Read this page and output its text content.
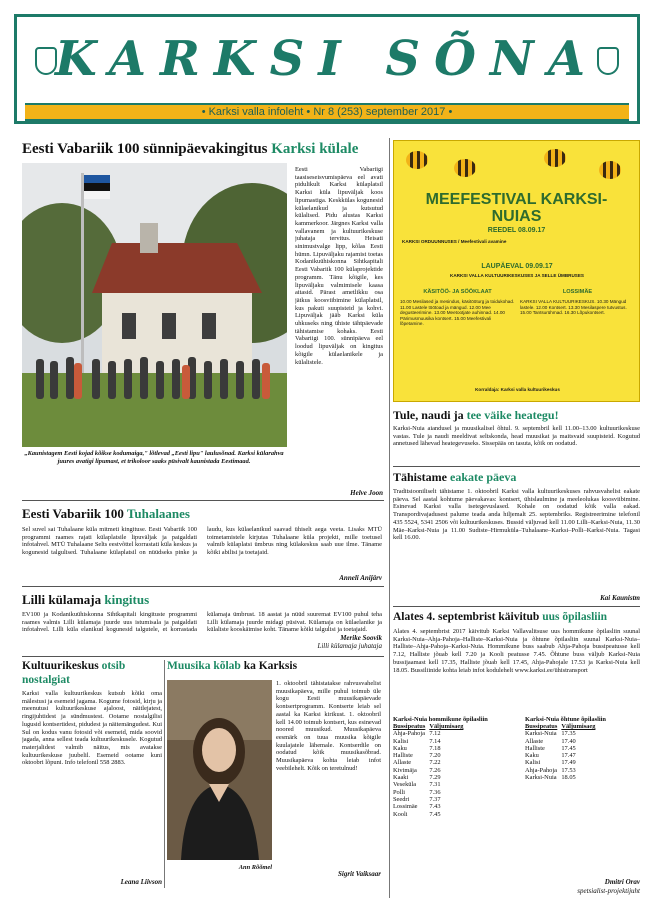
KARKSI SÕNA
• Karksi valla infoleht • Nr 8 (253) september 2017 •
Eesti Vabariik 100 sünnipäevakingitus Karksi külale
Eesti Vabariigi taasiseseisvumispäeva eel avati pidulikult Karksi külaplatsil Karksi küla lipuväljak koos lipumastiga. Keskkülas kogunesid külaelanikud ja kutsutud külalised. Pidu alustas Karksi kammerkoor. Järgnes Karksi valla vallavanem ja kultuurikeskuse juhataja tervitus. Heisati sinimustvalge lipp, kõlas Eesti hümn. Lipuväljaku rajamist toetas Kodanikuühiskonna Sihtkapitali Eesti Vabariik 100 külaprojektide programm. Tänu kõigile, kes lipuväljaku valmimisele kaasa aitasid. Pärast ametlikku osa jätkus koosviibimine külaplatsil, kus pakuti suupisteid ja kohvi. Lipuväljak jääb Karksi küla uhkuseks ning ühiste tähtpäevade tähistamise kohaks. Eesti Vabariigi 100. sünnipäeva eel loodud lipuväljak on kingitus kõigile külaelanikele ja külalistele.
„Kaunistagem Eesti kojad kõikse kodumaiga," lõtlevad „Eesti lipu" laulusõnad. Karksi külarahva juures avatigi lipumast, et trikoloor saaks püsivalt kaunistada Eestimaad.
Helve Joon
MEEFESTIVAL KARKSI-NUIAS
REEDEL 08.09.17
KARKSI ORDUUNNUSES / Meefestivali avamine
LAUPÄEVAL 09.09.17
KARKSI VALLA KULTUURIKESKUSES JA SELLE ÜMBRUSES
KÄSITÖÖ- JA SÖÖKLAAT	LOSSIMÄE
10.00 Mesilased ja mesindus, käsitööturg ja toidukohad. 11.00 Lastele töötoad ja mängud. 12.00 Mee degusteerimine. 13.00 Meetootjate auhinnad. 14.00 Pärimusmuusika kontsert. 15.00 Meefestivali lõpetamine.
KARKSI VALLA KULTUURIKESKUS. 10.30 Mängud lastele. 12.00 Kontsert. 13.30 Mesilaspere tutvustus. 15.00 Tantsurühmad. 16.30 Lõpukontsert.
Korraldaja: Karksi valla kultuurikeskus
Eesti Vabariik 100 Tuhalaanes
Sel suvel sai Tuhalaane küla mitmeti kingituse. Eesti Vabariik 100 programmi raames rajati külaplatsile lipuväljak ja paigaldati infotahvel. MTÜ Tuhalaane Selts eestvõttel korrastati küla keskus ja kogunesid talgulised. Tuhalaane külaplatsil on nüüdseks pinke ja laudu, kus külaelanikud saavad ühiselt aega veeta. Lisaks MTÜ toimetamistele kirjutas Tuhalaane küla projekti, mille toetusel valmib külaplatsi ümbrus ning külakeskus saab uue ilme. Täname kõiki abilisi ja toetajaid.
Anneli Anijärv
Lilli külamaja kingitus
EV100 ja Kodanikuühiskonna Sihtkapitali kingituste programmi raames valmis Lilli külamaja juurde uus istumisala ja paigaldati infotahvel. Lilli küla elanikud kogunesid talgutele, et korrastada külamaja ümbrust. 18 aastat ja nüüd suuremat EV100 puhul teha Lilli külamaja juurde midagi püsivat. Külamaja on külaelanike ja külaliste kooskäimise koht. Täname kõiki talgulisi ja toetajaid.
Merike Soovik
Lilli külamaja juhataja
Kultuurikeskus otsib nostalgiat
Karksi valla kultuurikeskus kutsub kõiki oma mälestusi ja esemeid jagama. Kogume fotosid, kirju ja meenutusi kultuurikeskuse ajaloost, näitlejatest, ringijuhtidest ja sündmustest. Ootame nostalgilisi lugusid kontsertidest, pidudest ja näitemängudest. Kui Sul on kodus vanu fotosid või esemeid, mida soovid jagada, anna sellest teada kultuurikeskusele. Kogutud materjalidest valmib näitus, mis avatakse kultuurikeskuse juubelil. Esemeid ootame kuni oktoobri lõpuni. Info telefonil 558 2883.
Leana Liivson
Muusika kõlab ka Karksis
Ann Rõõmel
1. oktoobril tähistatakse rahvusvahelist muusikapäeva, mille puhul toimub üle kogu Eesti muusikapäevade kontsertprogramm. Kontserte leiab sel aastal ka Karksi kirikust. 1. oktoobril kell 14.00 toimub kontsert, kus esinevad noored muusikud. Muusikapäeva eesmärk on tuua muusika kõigile kuulajatele lähemale. Kontserdile on oodatud kõik muusikasõbrad. Muusikapäeva kohta leiab infot veebilehelt. Kõik on teretulnud!
Sigrit Vaiksaar
Tule, naudi ja tee väike heategu!
Karksi-Nuia aiandusel ja muusikalisel õhtul. 9. septembril kell 11.00–13.00 kultuurikeskuse vastas. Tule ja naudi meeldivat seltskonda, head muusikat ja maitsvaid suupisteid. Kogutud annetused lähevad heategevuseks. Sissepääs on tasuta, kõik on oodatud.
Tähistame eakate päeva
Traditsiooniliselt tähistame 1. oktoobril Karksi valla kultuurikeskuses rahvusvahelist eakate päeva. Sel aastal kohtume päevakavas: kontsert, ühislaulmine ja meeleolukas koosviibimine. Esinevad Karksi valla isetegevuslased. Kohale on oodatud kõik valla eakad. Transpordivajadusest palume teada anda hiljemalt 25. septembriks. Registreerimine telefonil 435 5524, 5341 2506 või kultuurikeskuses. Bussid väljuvad kell 11.00 Lilli–Karksi-Nuia, 11.30 Mäe–Karksi-Nuia ja 11.00 Sudiste–Hirmuküla–Tuhalaane–Karksi–Polli–Karksi-Nuia. Tagasi kell 16.00.
Kai Kaunistm
Alates 4. septembrist käivitub uus õpilasliin
Alates 4. septembrist 2017 käivitub Karksi Vallavalitsuse uus hommikune õpilasliin suunal Karksi-Nuia–Ahja-Pahoja–Halliste–Karksi-Nuia ja õhtune õpilasliin suunal Karksi-Nuia–Halliste–Ahja-Pahoja–Karksi-Nuia. Hommikune buss saabub Ahja-Pahoja bussipeatusse kell 7.12, Halliste jõuab kell 7.20 ja Kooli peatusse 7.45. Õhtune buss väljub Karksi-Nuia bussijaamast kell 17.35, Halliste jõuab kell 17.45, Ahja-Pahojale 17.53 ja Karksi-Nuia kell 18.05. Bussiliinide kohta leiab infot kodulehelt www.karksi.ee/ühistransport
Karksi-Nuia hommikune õpilasliin
Bussipeatus	Väljumisaeg
Ahja-Pahoja	7.12
Kalisi	7.14
Kaku	7.18
Halliste	7.20
Allaste	7.22
Kivimäja	7.26
Kaaki	7.29
Veseküla	7.31
Polli	7.36
Seedri	7.37
Lossimäe	7.43
Kooli	7.45
Karksi-Nuia õhtune õpilasliin
Bussipeatus	Väljumisaeg
Karksi-Nuia	17.35
Allaste	17.40
Halliste	17.45
Kaku	17.47
Kalisi	17.49
Ahja-Pahoja	17.53
Karksi-Nuia	18.05
Dmitri Orav
spetsialist-projektijuht
